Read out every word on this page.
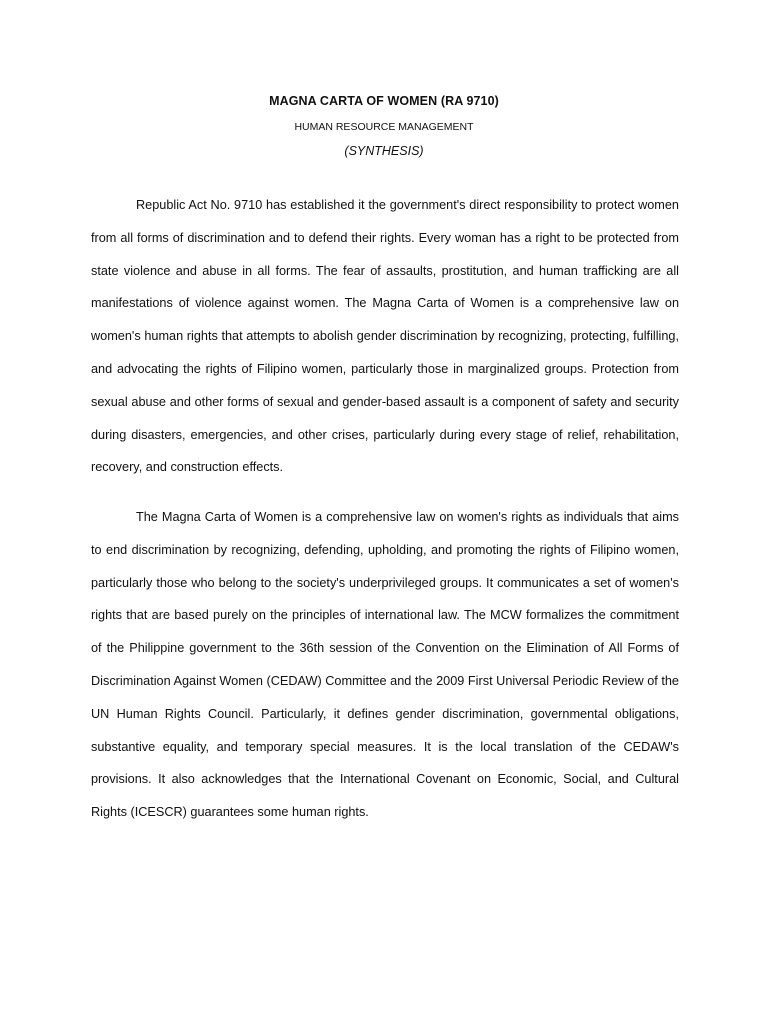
MAGNA CARTA OF WOMEN (RA 9710)
HUMAN RESOURCE MANAGEMENT
(SYNTHESIS)

Republic Act No. 9710 has established it the government's direct responsibility to protect women from all forms of discrimination and to defend their rights. Every woman has a right to be protected from state violence and abuse in all forms. The fear of assaults, prostitution, and human trafficking are all manifestations of violence against women. The Magna Carta of Women is a comprehensive law on women's human rights that attempts to abolish gender discrimination by recognizing, protecting, fulfilling, and advocating the rights of Filipino women, particularly those in marginalized groups. Protection from sexual abuse and other forms of sexual and gender-based assault is a component of safety and security during disasters, emergencies, and other crises, particularly during every stage of relief, rehabilitation, recovery, and construction effects.

The Magna Carta of Women is a comprehensive law on women's rights as individuals that aims to end discrimination by recognizing, defending, upholding, and promoting the rights of Filipino women, particularly those who belong to the society's underprivileged groups. It communicates a set of women's rights that are based purely on the principles of international law. The MCW formalizes the commitment of the Philippine government to the 36th session of the Convention on the Elimination of All Forms of Discrimination Against Women (CEDAW) Committee and the 2009 First Universal Periodic Review of the UN Human Rights Council. Particularly, it defines gender discrimination, governmental obligations, substantive equality, and temporary special measures. It is the local translation of the CEDAW's provisions. It also acknowledges that the International Covenant on Economic, Social, and Cultural Rights (ICESCR) guarantees some human rights.
